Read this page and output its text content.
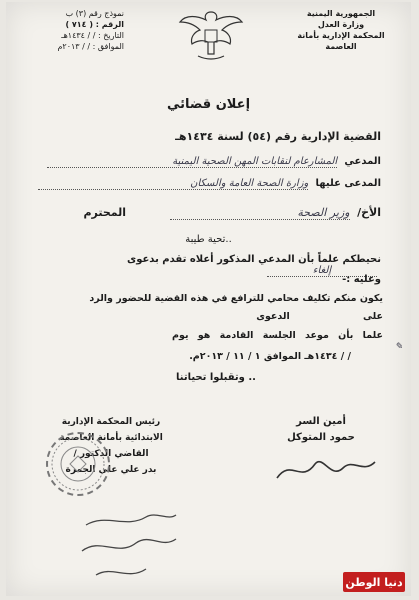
الجمهورية اليمنية
وزارة العدل
المحكمة الإدارية بأمانة العاصمة
نموذج رقم (٣) ب
الرقم : ( ٧١٤ )
التاريخ : / / ١٤٣٤هـ
الموافق : / / ٢٠١٣م
إعلان قضائي
القضية الإدارية رقم (٥٤) لسنة ١٤٣٤هـ
المدعي المشارعام لنقابات المهن الصحية اليمنية
المدعى عليها وزارة الصحة العامة والسكان
الأخ/ وزير الصحة المحترم
تحية طيبة..
نحيطكم علماً بأن المدعي المذكور أعلاه تقدم بدعوى إلغاء
وعليه :-
يكون منكم تكليف محامي للترافع في هذه القضية للحضور والرد
على الدعوى
علما بأن موعد الجلسة القادمة هو يوم
/ / ١٤٣٤هـ الموافق ١ / ١١ / ٢٠١٣م.
وتقبلوا تحياتنا ..
✎
أمين السر
حمود المتوكل
رئيس المحكمة الإدارية
الابتدائية بأمانة العاصمة
القاضي الدكتور /
بدر علي علي الجمرة
دنيا الوطن
